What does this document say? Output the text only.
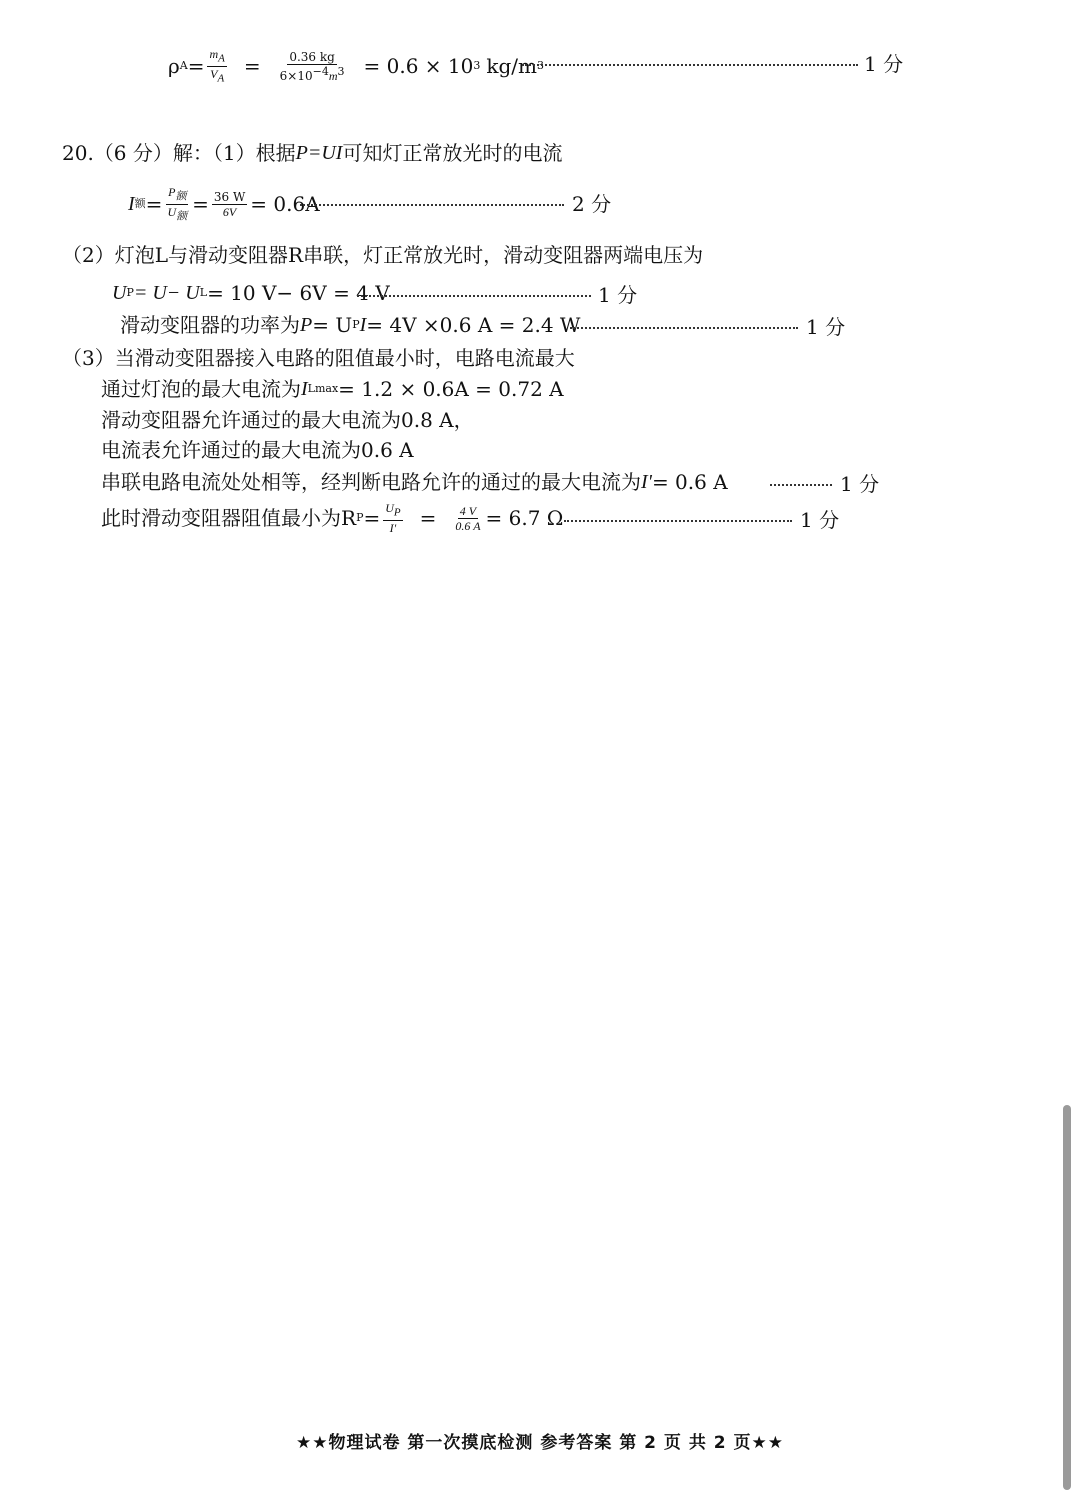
ρ $A = \frac{mA}{VA} = \frac{0.36 kg}{6\times 10-4m3} = 0.6 \times 10$ 3 kg/m 3	1 分
20.（6 分）解：（1）根据 P=UI 可知灯正常放光时的电流
I 额 = $\frac{\text{P额}}{\text{U额}} = \frac{36 W}{6V} = 0.6A$	2 分
（2）灯泡L与滑动变阻器R串联，灯正常放光时，滑动变阻器两端电压为
U P = U− U L = 10 V− 6V = 4 V	1 分
滑动变阻器的功率为 P = U P I = 4V ×0.6 A = 2.4 W	1 分
（3）当滑动变阻器接入电路的阻值最小时，电路电流最大
通过灯泡的最大电流为 I Lmax = 1.2 × 0.6A = 0.72 A
滑动变阻器允许通过的最大电流为0.8 A，
电流表允许通过的最大电流为0.6 A
串联电路电流处处相等，经判断电路允许的通过的最大电流为 I' = 0.6 A	1 分
此时滑动变阻器阻值最小为R $P = \frac{UP}{I'} = \frac{4 V}{0.6 A} = 6.7$ Ω	1 分
★★物理试卷 第一次摸底检测 参考答案 第 2 页 共 2 页★★
